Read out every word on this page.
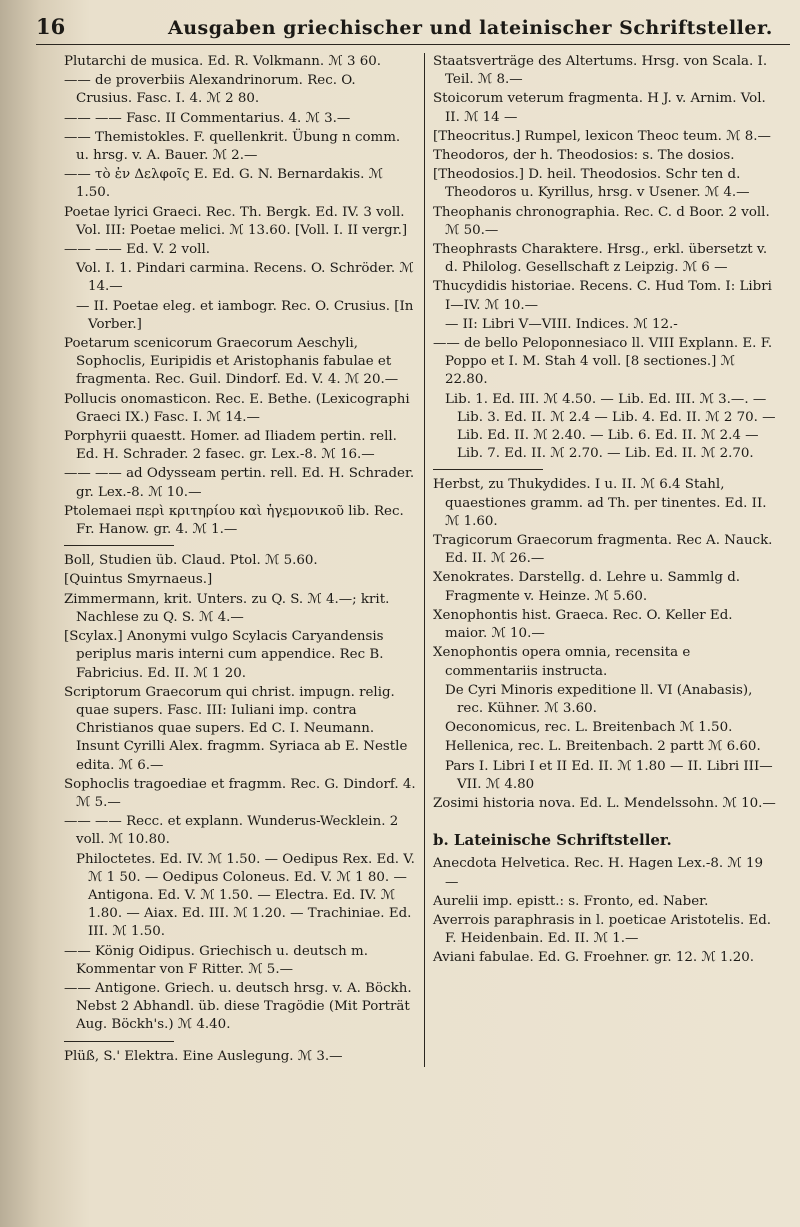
16	Ausgaben griechischer und lateinischer Schriftsteller.
Plutarchi de musica. Ed. R. Volkmann. ℳ 3 60.
—— de proverbiis Alexandrinorum. Rec. O. Crusius. Fasc. I. 4. ℳ 2 80.
—— —— Fasc. II Commentarius. 4. ℳ 3.—
—— Themistokles. F. quellenkrit. Übung n comm. u. hrsg. v. A. Bauer. ℳ 2.—
—— τὸ ἐν Δελφοῖς Ε. Ed. G. N. Bernardakis. ℳ 1.50.
Poetae lyrici Graeci. Rec. Th. Bergk. Ed. IV. 3 voll. Vol. III: Poetae melici. ℳ 13.60. [Voll. I. II vergr.]
—— —— Ed. V. 2 voll.
Vol. I. 1. Pindari carmina. Recens. O. Schröder. ℳ 14.—
— II. Poetae eleg. et iambogr. Rec. O. Crusius. [In Vorber.]
Poetarum scenicorum Graecorum Aeschyli, Sophoclis, Euripidis et Aristophanis fabulae et fragmenta. Rec. Guil. Dindorf. Ed. V. 4. ℳ 20.—
Pollucis onomasticon. Rec. E. Bethe. (Lexicographi Graeci IX.) Fasc. I. ℳ 14.—
Porphyrii quaestt. Homer. ad Iliadem pertin. rell. Ed. H. Schrader. 2 fasec. gr. Lex.-8. ℳ 16.—
—— —— ad Odysseam pertin. rell. Ed. H. Schrader. gr. Lex.-8. ℳ 10.—
Ptolemaei περὶ κριτηρίου καὶ ἡγεμονικοῦ lib. Rec. Fr. Hanow. gr. 4. ℳ 1.—
Boll, Studien üb. Claud. Ptol. ℳ 5.60.
[Quintus Smyrnaeus.]
Zimmermann, krit. Unters. zu Q. S. ℳ 4.—; krit. Nachlese zu Q. S. ℳ 4.—
[Scylax.] Anonymi vulgo Scylacis Caryandensis periplus maris interni cum appendice. Rec B. Fabricius. Ed. II. ℳ 1 20.
Scriptorum Graecorum qui christ. impugn. relig. quae supers. Fasc. III: Iuliani imp. contra Christianos quae supers. Ed C. I. Neumann. Insunt Cyrilli Alex. fragmm. Syriaca ab E. Nestle edita. ℳ 6.—
Sophoclis tragoediae et fragmm. Rec. G. Dindorf. 4. ℳ 5.—
—— —— Recc. et explann. Wunderus-Wecklein. 2 voll. ℳ 10.80.
Philoctetes. Ed. IV. ℳ 1.50. — Oedipus Rex. Ed. V. ℳ 1 50. — Oedipus Coloneus. Ed. V. ℳ 1 80. — Antigona. Ed. V. ℳ 1.50. — Electra. Ed. IV. ℳ 1.80. — Aiax. Ed. III. ℳ 1.20. — Trachiniae. Ed. III. ℳ 1.50.
—— König Oidipus. Griechisch u. deutsch m. Kommentar von F Ritter. ℳ 5.—
—— Antigone. Griech. u. deutsch hrsg. v. A. Böckh. Nebst 2 Abhandl. üb. diese Tragödie (Mit Porträt Aug. Böckh's.) ℳ 4.40.
Plüß, S.' Elektra. Eine Auslegung. ℳ 3.—
Staatsverträge des Altertums. Hrsg. von Scala. I. Teil. ℳ 8.—
Stoicorum veterum fragmenta. H J. v. Arnim. Vol. II. ℳ 14 —
[Theocritus.] Rumpel, lexicon Theoc teum. ℳ 8.—
Theodoros, der h. Theodosios: s. The dosios.
[Theodosios.] D. heil. Theodosios. Schr ten d. Theodoros u. Kyrillus, hrsg. v Usener. ℳ 4.—
Theophanis chronographia. Rec. C. d Boor. 2 voll. ℳ 50.—
Theophrasts Charaktere. Hrsg., erkl. übersetzt v. d. Philolog. Gesellschaft z Leipzig. ℳ 6 —
Thucydidis historiae. Recens. C. Hud Tom. I: Libri I—IV. ℳ 10.—
— II: Libri V—VIII. Indices. ℳ 12.-
—— de bello Peloponnesiaco ll. VIII Explann. E. F. Poppo et I. M. Stah 4 voll. [8 sectiones.] ℳ 22.80.
Lib. 1. Ed. III. ℳ 4.50. — Lib. Ed. III. ℳ 3.—. — Lib. 3. Ed. II. ℳ 2.4 — Lib. 4. Ed. II. ℳ 2 70. — Lib. Ed. II. ℳ 2.40. — Lib. 6. Ed. II. ℳ 2.4 — Lib. 7. Ed. II. ℳ 2.70. — Lib. Ed. II. ℳ 2.70.
Herbst, zu Thukydides. I u. II. ℳ 6.4 Stahl, quaestiones gramm. ad Th. per tinentes. Ed. II. ℳ 1.60.
Tragicorum Graecorum fragmenta. Rec A. Nauck. Ed. II. ℳ 26.—
Xenokrates. Darstellg. d. Lehre u. Sammlg d. Fragmente v. Heinze. ℳ 5.60.
Xenophontis hist. Graeca. Rec. O. Keller Ed. maior. ℳ 10.—
Xenophontis opera omnia, recensita e commentariis instructa.
De Cyri Minoris expeditione ll. VI (Anabasis), rec. Kühner. ℳ 3.60.
Oeconomicus, rec. L. Breitenbach ℳ 1.50.
Hellenica, rec. L. Breitenbach. 2 partt ℳ 6.60.
Pars I. Libri I et II Ed. II. ℳ 1.80 — II. Libri III—VII. ℳ 4.80
Zosimi historia nova. Ed. L. Mendelssohn. ℳ 10.—
b. Lateinische Schriftsteller.
Anecdota Helvetica. Rec. H. Hagen Lex.-8. ℳ 19 —
Aurelii imp. epistt.: s. Fronto, ed. Naber.
Averrois paraphrasis in l. poeticae Aristotelis. Ed. F. Heidenbain. Ed. II. ℳ 1.—
Aviani fabulae. Ed. G. Froehner. gr. 12. ℳ 1.20.
